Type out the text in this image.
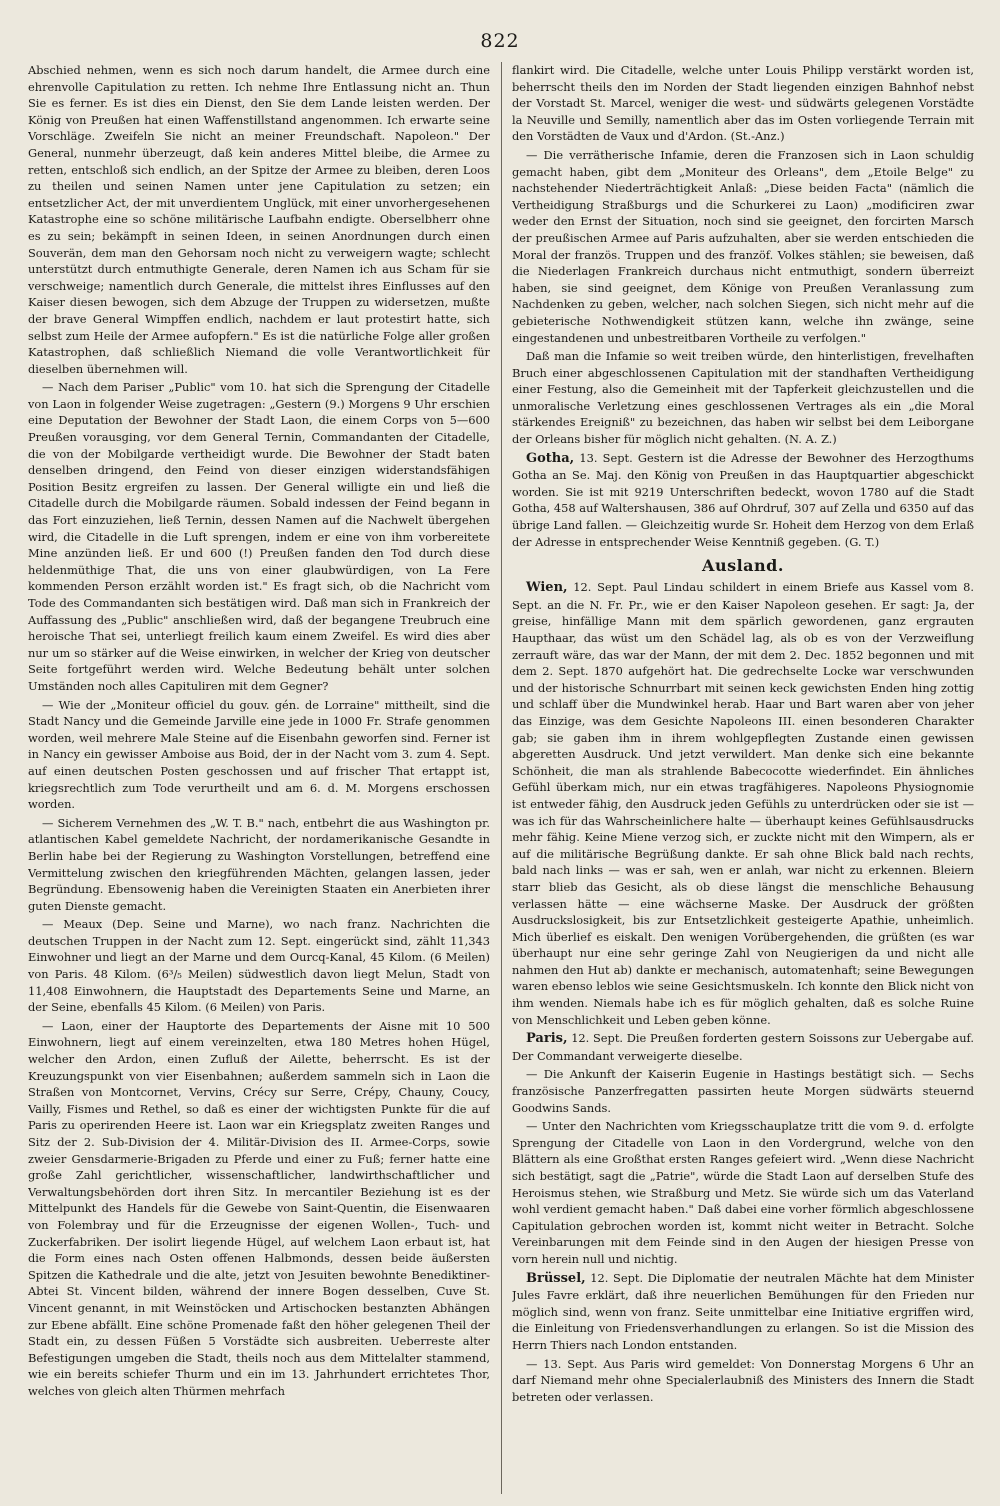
822

Abschied nehmen, wenn es sich noch darum handelt, die Armee durch eine ehrenvolle Capitulation zu retten. Ich nehme Ihre Entlassung nicht an. Thun Sie es ferner. Es ist dies ein Dienst, den Sie dem Lande leisten werden. Der König von Preußen hat einen Waffenstillstand angenommen. Ich erwarte seine Vorschläge. Zweifeln Sie nicht an meiner Freundschaft. Napoleon." Der General, nunmehr überzeugt, daß kein anderes Mittel bleibe, die Armee zu retten, entschloß sich endlich, an der Spitze der Armee zu bleiben, deren Loos zu theilen und seinen Namen unter jene Capitulation zu setzen; ein entsetzlicher Act, der mit unverdientem Unglück, mit einer unvorhergesehenen Katastrophe eine so schöne militärische Laufbahn endigte. Oberselbherr ohne es zu sein; bekämpft in seinen Ideen, in seinen Anordnungen durch einen Souverän, dem man den Gehorsam noch nicht zu verweigern wagte; schlecht unterstützt durch entmuthigte Generale, deren Namen ich aus Scham für sie verschweige; namentlich durch Generale, die mittelst ihres Einflusses auf den Kaiser diesen bewogen, sich dem Abzuge der Truppen zu widersetzen, mußte der brave General Wimpffen endlich, nachdem er laut protestirt hatte, sich selbst zum Heile der Armee aufopfern." Es ist die natürliche Folge aller großen Katastrophen, daß schließlich Niemand die volle Verantwortlichkeit für dieselben übernehmen will.

— Nach dem Pariser „Public" vom 10. hat sich die Sprengung der Citadelle von Laon in folgender Weise zugetragen: „Gestern (9.) Morgens 9 Uhr erschien eine Deputation der Bewohner der Stadt Laon, die einem Corps von 5—600 Preußen vorausging, vor dem General Ternin, Commandanten der Citadelle, die von der Mobilgarde vertheidigt wurde. Die Bewohner der Stadt baten denselben dringend, den Feind von dieser einzigen widerstandsfähigen Position Besitz ergreifen zu lassen. Der General willigte ein und ließ die Citadelle durch die Mobilgarde räumen. Sobald indessen der Feind begann in das Fort einzuziehen, ließ Ternin, dessen Namen auf die Nachwelt übergehen wird, die Citadelle in die Luft sprengen, indem er eine von ihm vorbereitete Mine anzünden ließ. Er und 600 (!) Preußen fanden den Tod durch diese heldenmüthige That, die uns von einer glaubwürdigen, von La Fere kommenden Person erzählt worden ist." Es fragt sich, ob die Nachricht vom Tode des Commandanten sich bestätigen wird. Daß man sich in Frankreich der Auffassung des „Public" anschließen wird, daß der begangene Treubruch eine heroische That sei, unterliegt freilich kaum einem Zweifel. Es wird dies aber nur um so stärker auf die Weise einwirken, in welcher der Krieg von deutscher Seite fortgeführt werden wird. Welche Bedeutung behält unter solchen Umständen noch alles Capituliren mit dem Gegner?

— Wie der „Moniteur officiel du gouv. gén. de Lorraine" mittheilt, sind die Stadt Nancy und die Gemeinde Jarville eine jede in 1000 Fr. Strafe genommen worden, weil mehrere Male Steine auf die Eisenbahn geworfen sind. Ferner ist in Nancy ein gewisser Amboise aus Boid, der in der Nacht vom 3. zum 4. Sept. auf einen deutschen Posten geschossen und auf frischer That ertappt ist, kriegsrechtlich zum Tode verurtheilt und am 6. d. M. Morgens erschossen worden.

— Sicherem Vernehmen des „W. T. B." nach, entbehrt die aus Washington pr. atlantischen Kabel gemeldete Nachricht, der nordamerikanische Gesandte in Berlin habe bei der Regierung zu Washington Vorstellungen, betreffend eine Vermittelung zwischen den kriegführenden Mächten, gelangen lassen, jeder Begründung. Ebensowenig haben die Vereinigten Staaten ein Anerbieten ihrer guten Dienste gemacht.

— Meaux (Dep. Seine und Marne), wo nach franz. Nachrichten die deutschen Truppen in der Nacht zum 12. Sept. eingerückt sind, zählt 11,343 Einwohner und liegt an der Marne und dem Ourcq-Kanal, 45 Kilom. (6 Meilen) von Paris. 48 Kilom. (6³/₅ Meilen) südwestlich davon liegt Melun, Stadt von 11,408 Einwohnern, die Hauptstadt des Departements Seine und Marne, an der Seine, ebenfalls 45 Kilom. (6 Meilen) von Paris.

— Laon, einer der Hauptorte des Departements der Aisne mit 10 500 Einwohnern, liegt auf einem vereinzelten, etwa 180 Metres hohen Hügel, welcher den Ardon, einen Zufluß der Ailette, beherrscht. Es ist der Kreuzungspunkt von vier Eisenbahnen; außerdem sammeln sich in Laon die Straßen von Montcornet, Vervins, Crécy sur Serre, Crépy, Chauny, Coucy, Vailly, Fismes und Rethel, so daß es einer der wichtigsten Punkte für die auf Paris zu operirenden Heere ist. Laon war ein Kriegsplatz zweiten Ranges und Sitz der 2. Sub-Division der 4. Militär-Division des II. Armee-Corps, sowie zweier Gensdarmerie-Brigaden zu Pferde und einer zu Fuß; ferner hatte eine große Zahl gerichtlicher, wissenschaftlicher, landwirthschaftlicher und Verwaltungsbehörden dort ihren Sitz. In mercantiler Beziehung ist es der Mittelpunkt des Handels für die Gewebe von Saint-Quentin, die Eisenwaaren von Folembray und für die Erzeugnisse der eigenen Wollen-, Tuch- und Zuckerfabriken. Der isolirt liegende Hügel, auf welchem Laon erbaut ist, hat die Form eines nach Osten offenen Halbmonds, dessen beide äußersten Spitzen die Kathedrale und die alte, jetzt von Jesuiten bewohnte Benediktiner-Abtei St. Vincent bilden, während der innere Bogen desselben, Cuve St. Vincent genannt, in mit Weinstöcken und Artischocken bestanzten Abhängen zur Ebene abfällt. Eine schöne Promenade faßt den höher gelegenen Theil der Stadt ein, zu dessen Füßen 5 Vorstädte sich ausbreiten. Ueberreste alter Befestigungen umgeben die Stadt, theils noch aus dem Mittelalter stammend, wie ein bereits schiefer Thurm und ein im 13. Jahrhundert errichtetes Thor, welches von gleich alten Thürmen mehrfach

flankirt wird. Die Citadelle, welche unter Louis Philipp verstärkt worden ist, beherrscht theils den im Norden der Stadt liegenden einzigen Bahnhof nebst der Vorstadt St. Marcel, weniger die west- und südwärts gelegenen Vorstädte la Neuville und Semilly, namentlich aber das im Osten vorliegende Terrain mit den Vorstädten de Vaux und d'Ardon. (St.-Anz.)

— Die verrätherische Infamie, deren die Franzosen sich in Laon schuldig gemacht haben, gibt dem „Moniteur des Orleans", dem „Etoile Belge" zu nachstehender Niederträchtigkeit Anlaß: „Diese beiden Facta" (nämlich die Vertheidigung Straßburgs und die Schurkerei zu Laon) „modificiren zwar weder den Ernst der Situation, noch sind sie geeignet, den forcirten Marsch der preußischen Armee auf Paris aufzuhalten, aber sie werden entschieden die Moral der französ. Truppen und des franzöf. Volkes stählen; sie beweisen, daß die Niederlagen Frankreich durchaus nicht entmuthigt, sondern überreizt haben, sie sind geeignet, dem Könige von Preußen Veranlassung zum Nachdenken zu geben, welcher, nach solchen Siegen, sich nicht mehr auf die gebieterische Nothwendigkeit stützen kann, welche ihn zwänge, seine eingestandenen und unbestreitbaren Vortheile zu verfolgen."

Daß man die Infamie so weit treiben würde, den hinterlistigen, frevelhaften Bruch einer abgeschlossenen Capitulation mit der standhaften Vertheidigung einer Festung, also die Gemeinheit mit der Tapferkeit gleichzustellen und die unmoralische Verletzung eines geschlossenen Vertrages als ein „die Moral stärkendes Ereigniß" zu bezeichnen, das haben wir selbst bei dem Leiborgane der Orleans bisher für möglich nicht gehalten. (N. A. Z.)

Gotha, 13. Sept. Gestern ist die Adresse der Bewohner des Herzogthums Gotha an Se. Maj. den König von Preußen in das Hauptquartier abgeschickt worden. Sie ist mit 9219 Unterschriften bedeckt, wovon 1780 auf die Stadt Gotha, 458 auf Waltershausen, 386 auf Ohrdruf, 307 auf Zella und 6350 auf das übrige Land fallen. — Gleichzeitig wurde Sr. Hoheit dem Herzog von dem Erlaß der Adresse in entsprechender Weise Kenntniß gegeben. (G. T.)

Ausland.

Wien, 12. Sept. Paul Lindau schildert in einem Briefe aus Kassel vom 8. Sept. an die N. Fr. Pr., wie er den Kaiser Napoleon gesehen. Er sagt: Ja, der greise, hinfällige Mann mit dem spärlich gewordenen, ganz ergrauten Haupthaar, das wüst um den Schädel lag, als ob es von der Verzweiflung zerrauft wäre, das war der Mann, der mit dem 2. Dec. 1852 begonnen und mit dem 2. Sept. 1870 aufgehört hat. Die gedrechselte Locke war verschwunden und der historische Schnurrbart mit seinen keck gewichsten Enden hing zottig und schlaff über die Mundwinkel herab. Haar und Bart waren aber von jeher das Einzige, was dem Gesichte Napoleons III. einen besonderen Charakter gab; sie gaben ihm in ihrem wohlgepflegten Zustande einen gewissen abgeretten Ausdruck. Und jetzt verwildert. Man denke sich eine bekannte Schönheit, die man als strahlende Babecocotte wiederfindet. Ein ähnliches Gefühl überkam mich, nur ein etwas tragfähigeres. Napoleons Physiognomie ist entweder fähig, den Ausdruck jeden Gefühls zu unterdrücken oder sie ist — was ich für das Wahrscheinlichere halte — überhaupt keines Gefühlsausdrucks mehr fähig. Keine Miene verzog sich, er zuckte nicht mit den Wimpern, als er auf die militärische Begrüßung dankte. Er sah ohne Blick bald nach rechts, bald nach links — was er sah, wen er anlah, war nicht zu erkennen. Bleiern starr blieb das Gesicht, als ob diese längst die menschliche Behausung verlassen hätte — eine wächserne Maske. Der Ausdruck der größten Ausdruckslosigkeit, bis zur Entsetzlichkeit gesteigerte Apathie, unheimlich. Mich überlief es eiskalt. Den wenigen Vorübergehenden, die grüßten (es war überhaupt nur eine sehr geringe Zahl von Neugierigen da und nicht alle nahmen den Hut ab) dankte er mechanisch, automatenhaft; seine Bewegungen waren ebenso leblos wie seine Gesichtsmuskeln. Ich konnte den Blick nicht von ihm wenden. Niemals habe ich es für möglich gehalten, daß es solche Ruine von Menschlichkeit und Leben geben könne.

Paris, 12. Sept. Die Preußen forderten gestern Soissons zur Uebergabe auf. Der Commandant verweigerte dieselbe.

— Die Ankunft der Kaiserin Eugenie in Hastings bestätigt sich. — Sechs französische Panzerfregatten passirten heute Morgen südwärts steuernd Goodwins Sands.

— Unter den Nachrichten vom Kriegsschauplatze tritt die vom 9. d. erfolgte Sprengung der Citadelle von Laon in den Vordergrund, welche von den Blättern als eine Großthat ersten Ranges gefeiert wird. „Wenn diese Nachricht sich bestätigt, sagt die „Patrie", würde die Stadt Laon auf derselben Stufe des Heroismus stehen, wie Straßburg und Metz. Sie würde sich um das Vaterland wohl verdient gemacht haben." Daß dabei eine vorher förmlich abgeschlossene Capitulation gebrochen worden ist, kommt nicht weiter in Betracht. Solche Vereinbarungen mit dem Feinde sind in den Augen der hiesigen Presse von vorn herein null und nichtig.

Brüssel, 12. Sept. Die Diplomatie der neutralen Mächte hat dem Minister Jules Favre erklärt, daß ihre neuerlichen Bemühungen für den Frieden nur möglich sind, wenn von franz. Seite unmittelbar eine Initiative ergriffen wird, die Einleitung von Friedensverhandlungen zu erlangen. So ist die Mission des Herrn Thiers nach London entstanden.

— 13. Sept. Aus Paris wird gemeldet: Von Donnerstag Morgens 6 Uhr an darf Niemand mehr ohne Specialerlaubniß des Ministers des Innern die Stadt betreten oder verlassen.
